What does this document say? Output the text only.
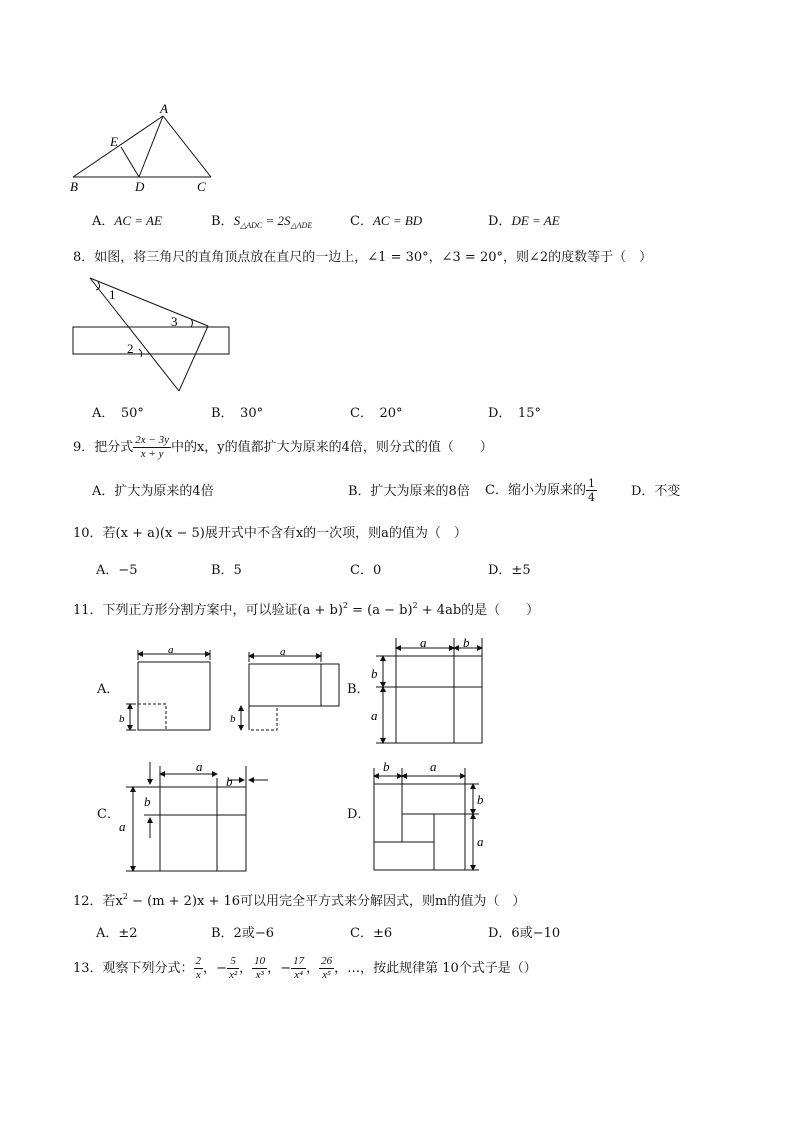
A
E
B	D	C
A．AC = AE	B．$S_{\triangle ADC} = 2S_{\triangle ADE}$	C．AC = BD	D．DE = AE
8．如图，将三角尺的直角顶点放在直尺的一边上，∠1 = 30°，∠3 = 20°，则∠2的度数等于（　）
1
3
2
A．　50°	B．　30°	C．　20°	D．　15°
9．把分式 $\frac{2x - 3y}{x + y}$ 中的x，y的值都扩大为原来的4倍，则分式的值（　　）
A．扩大为原来的4倍	B．扩大为原来的8倍 C．缩小为原来的 $\frac{1}{4}$	D．不变
10．若(x + a)(x − 5)展开式中不含有x的一次项，则a的值为（　）
A．−5	B．5	C．0	D．±5
11．下列正方形分割方案中，可以验证$(a + b)^2 = (a - b)^2 + 4ab$的是（　　）
A．
a
b
a
b
B．
a	b
b
a
C．
a
b
b
a
D．
b	a
b
a
12．若$x^2 - (m + 2)x + 16$可以用完全平方式来分解因式，则m的值为（　）
A．±2	B．2或−6	C．±6	D．6或−10
13．观察下列分式： $\frac{2}{x}$ ，− $\frac{5}{\text{x²}}$ ， $\frac{10}{\text{x³}}$ ，− $\frac{17}{\text{x⁴}}$ ， $\frac{26}{\text{x⁵}}$ ，…，按此规律第 10个式子是（）
